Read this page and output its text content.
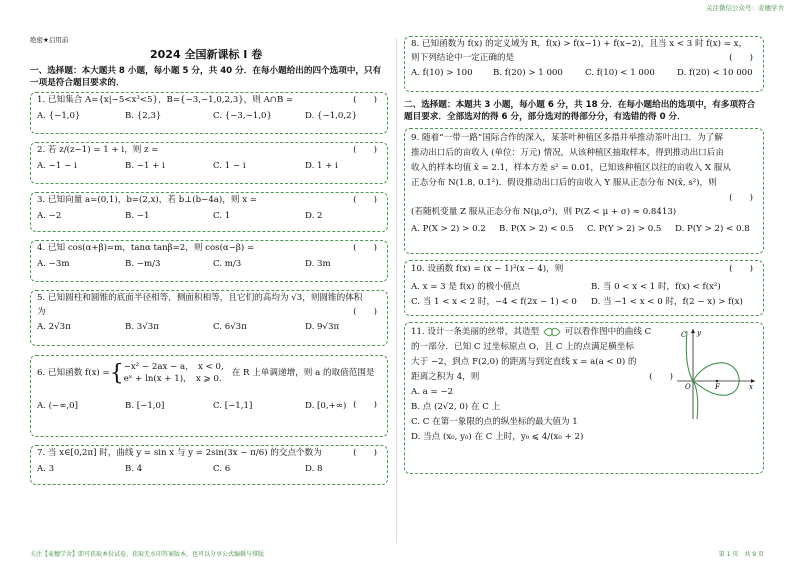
关注微信公众号：麦穗学舍
绝密★启用前
2024 全国新课标 I 卷
一、选择题：本大题共 8 小题，每小题 5 分，共 40 分．在每小题给出的四个选项中，只有
一项是符合题目要求的．
1. 已知集合 A={x|−5<x³<5}，B={−3,−1,0,2,3}，则 A∩B =	(　　)
A. {−1,0}	B. {2,3}	C. {−3,−1,0}	D. {−1,0,2}
2. 若 z/(z−1) = 1 + i，则 z =	(　　)
A. −1 − i	B. −1 + i	C. 1 − i	D. 1 + i
3. 已知向量 a=(0,1)，b=(2,x)，若 b⊥(b−4a)，则 x =	(　　)
A. −2	B. −1	C. 1	D. 2
4. 已知 cos(α+β)=m，tanα tanβ=2，则 cos(α−β) =	(　　)
A. −3m	B. −m/3	C. m/3	D. 3m
5. 已知圆柱和圆锥的底面半径相等，侧面积相等，且它们的高均为 √3，则圆锥的体积
为	(　　)
A. 2√3π	B. 3√3π	C. 6√3π	D. 9√3π
6. 已知函数 f(x) = { −x² − 2ax − a，　x < 0,
eˣ + ln(x + 1)，　x ⩾ 0.
在 R 上单调递增，则 a 的取值范围是
(　　)
A. (−∞,0]	B. [−1,0]	C. [−1,1]	D. [0,+∞)
7. 当 x∈[0,2π] 时，曲线 y = sin x 与 y = 2sin(3x − π/6) 的交点个数为	(　　)
A. 3	B. 4	C. 6	D. 8
8. 已知函数为 f(x) 的定义域为 R，f(x) > f(x−1) + f(x−2)，且当 x < 3 时 f(x) = x，
则下列结论中一定正确的是	(　　)
A. f(10) > 100	B. f(20) > 1 000	C. f(10) < 1 000	D. f(20) < 10 000
二、选择题：本题共 3 小题，每小题 6 分，共 18 分．在每小题给出的选项中，有多项符合
题目要求．全部选对的得 6 分，部分选对的得部分分，有选错的得 0 分．
9. 随着“一带一路”国际合作的深入，某茶叶种植区多措并举推动茶叶出口．为了解
推动出口后的亩收入 (单位：万元) 情况，从该种植区抽取样本，得到推动出口后亩
收入的样本均值 x̄ = 2.1，样本方差 s² = 0.01，已知该种植区以往的亩收入 X 服从
正态分布 N(1.8, 0.1²)．假设推动出口后的亩收入 Y 服从正态分布 N(x̄, s²)，则
(　　)
(若随机变量 Z 服从正态分布 N(μ,σ²)，则 P(Z < μ + σ) ≈ 0.8413)
A. P(X > 2) > 0.2	B. P(X > 2) < 0.5	C. P(Y > 2) > 0.5	D. P(Y > 2) < 0.8
10. 设函数 f(x) = (x − 1)²(x − 4)，则	(　　)
A. x = 3 是 f(x) 的极小值点	B. 当 0 < x < 1 时，f(x) < f(x²)
C. 当 1 < x < 2 时，−4 < f(2x − 1) < 0	D. 当 −1 < x < 0 时，f(2 − x) > f(x)
11. 设计一条美丽的丝带，其造型	可以看作图中的曲线 C
的一部分．已知 C 过坐标原点 O，且 C 上的点满足横坐标
大于 −2，到点 F(2,0) 的距离与到定直线 x = a(a < 0) 的
距离之积为 4，则	(　　)
A. a = −2
B. 点 (2√2, 0) 在 C 上
C. C 在第一象限的点的纵坐标的最大值为 1
D. 当点 (x₀, y₀) 在 C 上时，y₀ ⩽ 4/(x₀ + 2)
C y
O	F	x
关注【麦穗学舍】即可获取本份试卷、获取无水印答案版本，也可以分享公式编辑与排版	第 1 页　共 9 页
